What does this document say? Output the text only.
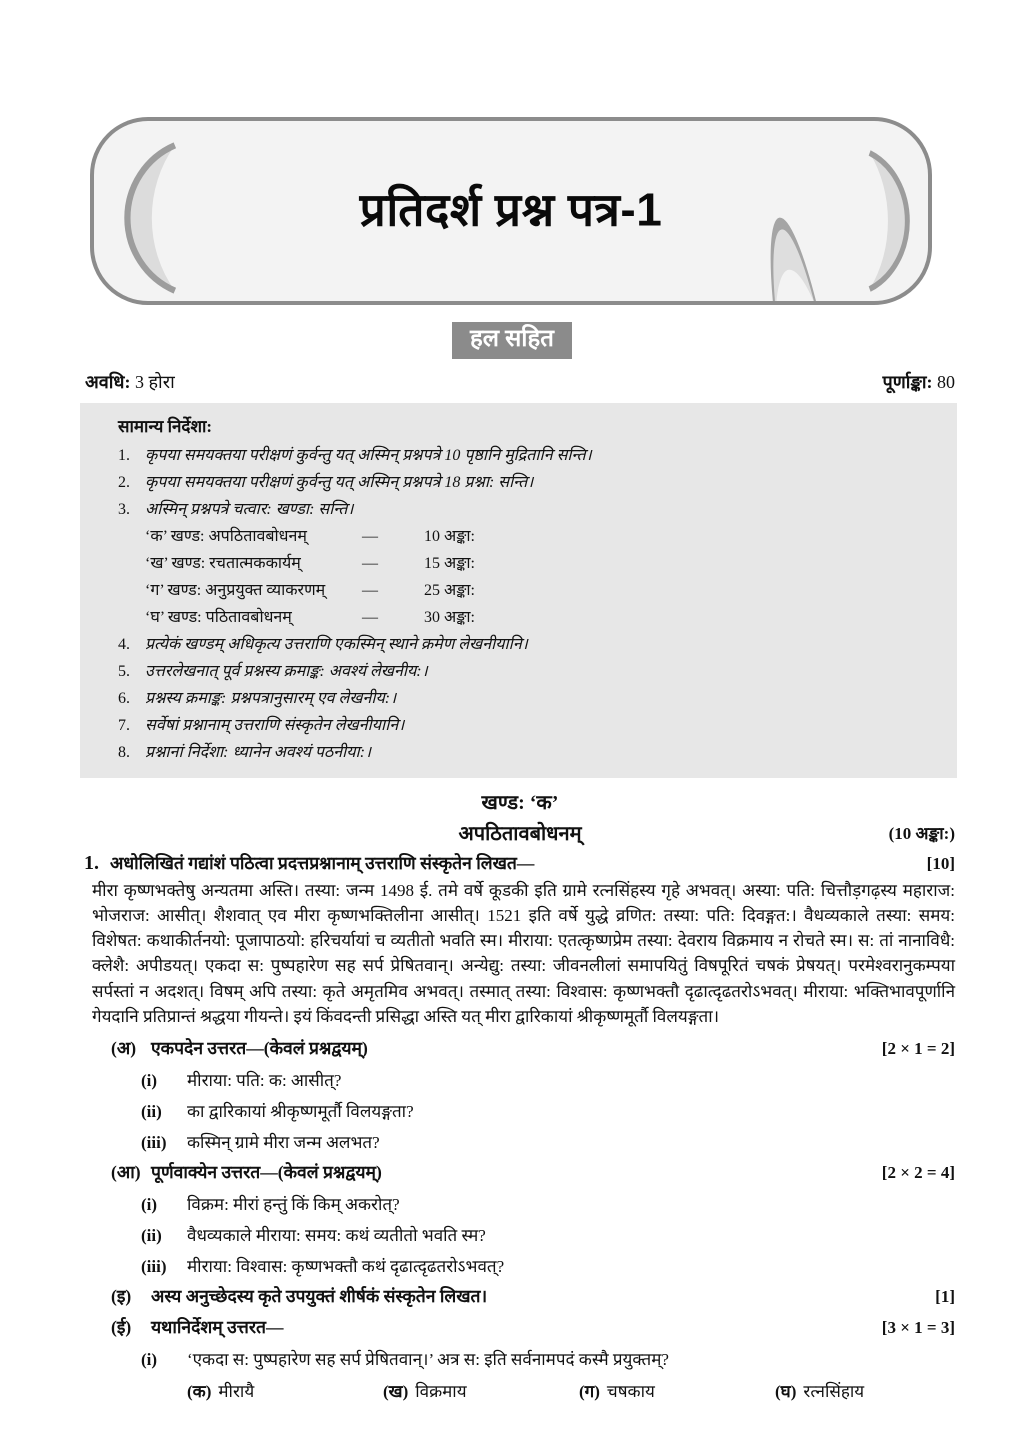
प्रतिदर्श प्रश्न पत्र-1
हल सहित
अवधि: 3 होरा	पूर्णाङ्का: 80
सामान्य निर्देशा:
1. कृपया समयक्तया परीक्षणं कुर्वन्तु यत् अस्मिन् प्रश्नपत्रे 10 पृष्ठानि मुद्रितानि सन्ति।
2. कृपया समयक्तया परीक्षणं कुर्वन्तु यत् अस्मिन् प्रश्नपत्रे 18 प्रश्ना: सन्ति।
3. अस्मिन् प्रश्नपत्रे चत्वार: खण्डा: सन्ति।
‘क’ खण्ड: अपठितावबोधनम्	—	10 अङ्का:
‘ख’ खण्ड: रचतात्मककार्यम्	—	15 अङ्का:
‘ग’ खण्ड: अनुप्रयुक्त व्याकरणम्	—	25 अङ्का:
‘घ’ खण्ड: पठितावबोधनम्	—	30 अङ्का:
4. प्रत्येकं खण्डम् अधिकृत्य उत्तराणि एकस्मिन् स्थाने क्रमेण लेखनीयानि।
5. उत्तरलेखनात् पूर्व प्रश्नस्य क्रमाङ्क: अवश्यं लेखनीय:।
6. प्रश्नस्य क्रमाङ्क: प्रश्नपत्रानुसारम् एव लेखनीय:।
7. सर्वेषां प्रश्नानाम् उत्तराणि संस्कृतेन लेखनीयानि।
8. प्रश्नानां निर्देशा: ध्यानेन अवश्यं पठनीया:।
खण्ड: ‘क’
अपठितावबोधनम्	(10 अङ्का:)
1. अधोलिखितं गद्यांशं पठित्वा प्रदत्तप्रश्नानाम् उत्तराणि संस्कृतेन लिखत—	[10]
मीरा कृष्णभक्तेषु अन्यतमा अस्ति। तस्या: जन्म 1498 ई. तमे वर्षे कूडकी इति ग्रामे रत्नसिंहस्य गृहे अभवत्। अस्या: पति: चित्तौड़गढ़स्य महाराज: भोजराज: आसीत्। शैशवात् एव मीरा कृष्णभक्तिलीना आसीत्। 1521 इति वर्षे युद्धे व्रणित: तस्या: पति: दिवङ्गत:। वैधव्यकाले तस्या: समय: विशेषत: कथाकीर्तनयो: पूजापाठयो: हरिचर्यायां च व्यतीतो भवति स्म। मीराया: एतत्कृष्णप्रेम तस्या: देवराय विक्रमाय न रोचते स्म। स: तां नानाविधै: क्लेशै: अपीडयत्। एकदा स: पुष्पहारेण सह सर्प प्रेषितवान्। अन्येद्यु: तस्या: जीवनलीलां समापयितुं विषपूरितं चषकं प्रेषयत्। परमेश्वरानुकम्पया सर्पस्तां न अदशत्। विषम् अपि तस्या: कृते अमृतमिव अभवत्। तस्मात् तस्या: विश्वास: कृष्णभक्तौ दृढात्दृढतरोऽभवत्। मीराया: भक्तिभावपूर्णानि गेयदानि प्रतिप्रान्तं श्रद्धया गीयन्ते। इयं किंवदन्ती प्रसिद्धा अस्ति यत् मीरा द्वारिकायां श्रीकृष्णमूर्तौ विलयङ्गता।
(अ) एकपदेन उत्तरत—(केवलं प्रश्नद्वयम्)	[2 × 1 = 2]
(i)	मीराया: पति: क: आसीत्?
(ii)	का द्वारिकायां श्रीकृष्णमूर्तौ विलयङ्गता?
(iii)	कस्मिन् ग्रामे मीरा जन्म अलभत?
(आ) पूर्णवाक्येन उत्तरत—(केवलं प्रश्नद्वयम्)	[2 × 2 = 4]
(i)	विक्रम: मीरां हन्तुं किं किम् अकरोत्?
(ii)	वैधव्यकाले मीराया: समय: कथं व्यतीतो भवति स्म?
(iii)	मीराया: विश्वास: कृष्णभक्तौ कथं दृढात्दृढतरोऽभवत्?
(इ)	अस्य अनुच्छेदस्य कृते उपयुक्तं शीर्षकं संस्कृतेन लिखत।	[1]
(ई)	यथानिर्देशम् उत्तरत—	[3 × 1 = 3]
(i)	‘एकदा स: पुष्पहारेण सह सर्प प्रेषितवान्।’ अत्र स: इति सर्वनामपदं कस्मै प्रयुक्तम्?
(क) मीरायै	(ख) विक्रमाय	(ग) चषकाय	(घ) रत्नसिंहाय
